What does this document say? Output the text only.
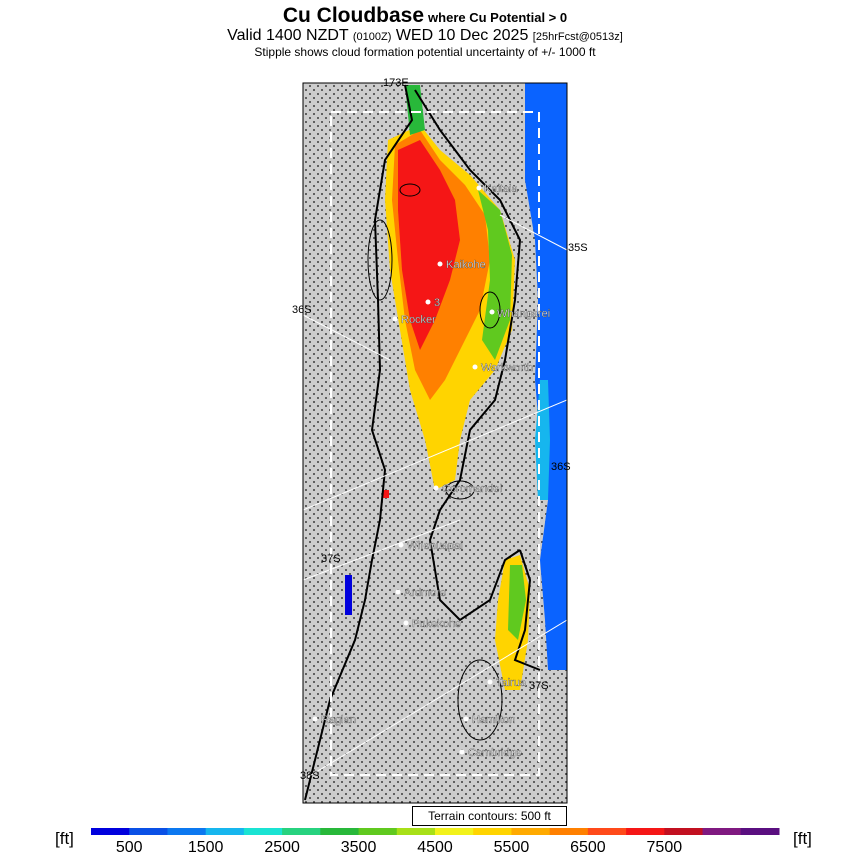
Cu Cloudbase where Cu Potential > 0
Valid 1400 NZDT (0100Z) WED 10 Dec 2025 [25hrFcst@0513z]
Stipple shows cloud formation potential uncertainty of +/- 1000 ft
Kaitaia
Kaikohe
3
Rocker	Whangarei
Warkworth
Whenuapai
Ardmore
Pukekohe
Coromandel
Tairua
Raglan	Hamilton
Cambridge
173E
35S
36S
36S
37S
37S
38S
500	1500	2500	3500	4500	5500	6500	7500
Terrain contours: 500 ft
[ft]	[ft]
